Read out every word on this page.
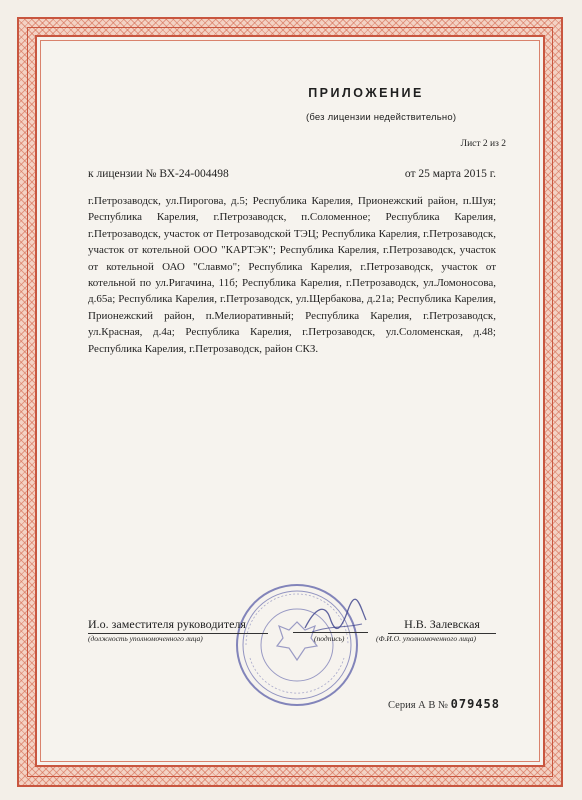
ПРИЛОЖЕНИЕ
(без лицензии недействительно)
Лист 2 из 2
к лицензии № ВХ-24-004498	от 25 марта 2015 г.
г.Петрозаводск, ул.Пирогова, д.5; Республика Карелия, Прионежский район, п.Шуя; Республика Карелия, г.Петрозаводск, п.Соломенное; Республика Карелия, г.Петрозаводск, участок от Петрозаводской ТЭЦ; Республика Карелия, г.Петрозаводск, участок от котельной ООО "КАРТЭК"; Республика Карелия, г.Петрозаводск, участок от котельной ОАО "Славмо"; Республика Карелия, г.Петрозаводск, участок от котельной по ул.Ригачина, 11б; Республика Карелия, г.Петрозаводск, ул.Ломоносова, д.65а; Республика Карелия, г.Петрозаводск, ул.Щербакова, д.21а; Республика Карелия, Прионежский район, п.Мелиоративный; Республика Карелия, г.Петрозаводск, ул.Красная, д.4а; Республика Карелия, г.Петрозаводск, ул.Соломенская, д.48; Республика Карелия, г.Петрозаводск, район СКЗ.
И.о. заместителя руководителя
(должность уполномоченного лица)	(подпись)
Н.В. Залевская
(Ф.И.О. уполномоченного лица)
Серия А В № 079458
